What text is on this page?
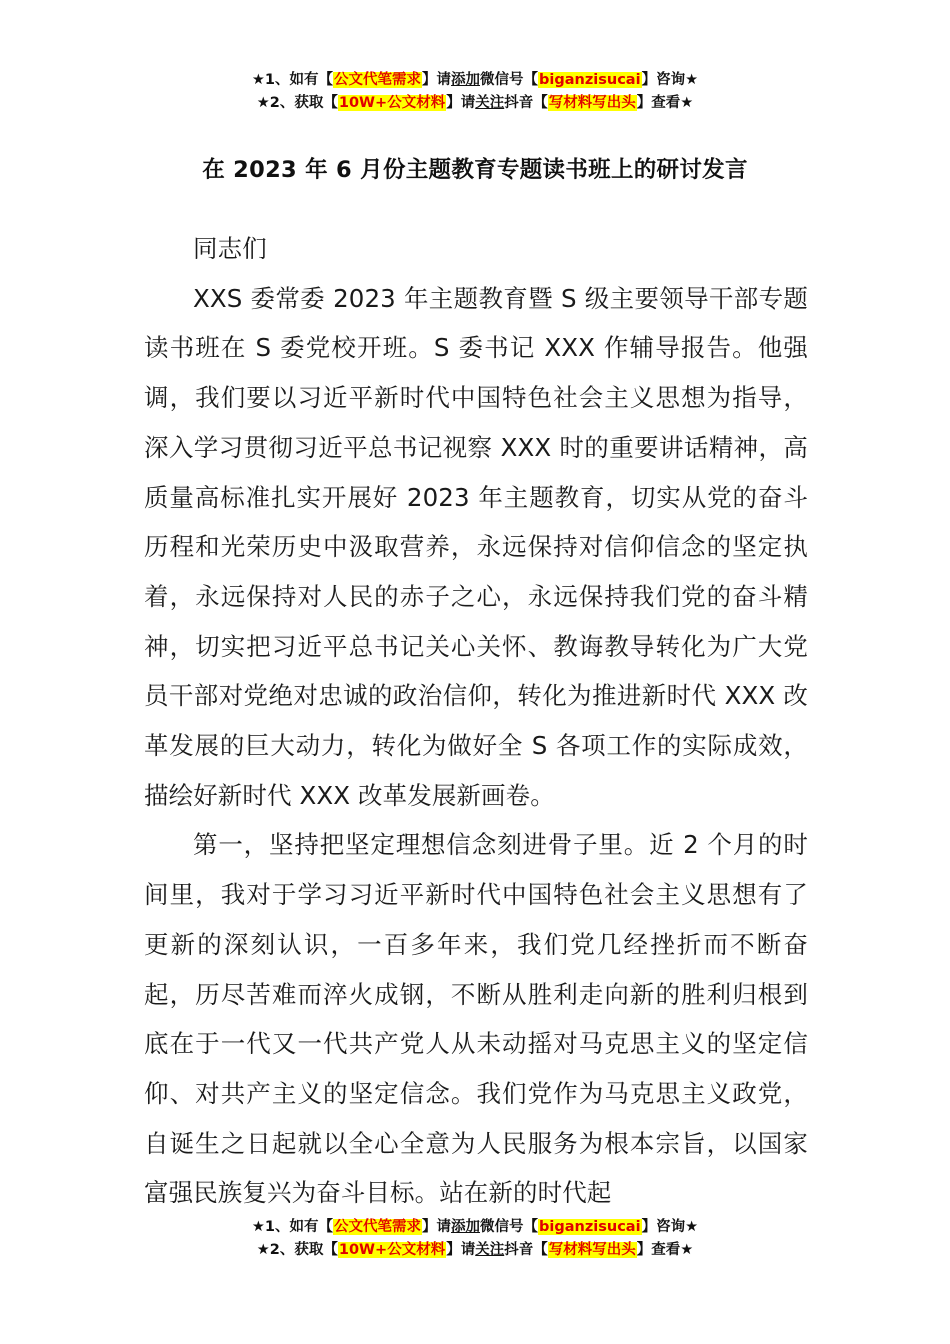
★1、如有【公文代笔需求】请添加微信号【biganzisucai】咨询★
★2、获取【10W+公文材料】请关注抖音【写材料写出头】查看★
在 2023 年 6 月份主题教育专题读书班上的研讨发言

同志们

XXS 委常委 2023 年主题教育暨 S 级主要领导干部专题读书班在 S 委党校开班。S 委书记 XXX 作辅导报告。他强调，我们要以习近平新时代中国特色社会主义思想为指导，深入学习贯彻习近平总书记视察 XXX 时的重要讲话精神，高质量高标准扎实开展好 2023 年主题教育，切实从党的奋斗历程和光荣历史中汲取营养，永远保持对信仰信念的坚定执着，永远保持对人民的赤子之心，永远保持我们党的奋斗精神，切实把习近平总书记关心关怀、教诲教导转化为广大党员干部对党绝对忠诚的政治信仰，转化为推进新时代 XXX 改革发展的巨大动力，转化为做好全 S 各项工作的实际成效，描绘好新时代 XXX 改革发展新画卷。

第一，坚持把坚定理想信念刻进骨子里。近 2 个月的时间里，我对于学习习近平新时代中国特色社会主义思想有了更新的深刻认识，一百多年来，我们党几经挫折而不断奋起，历尽苦难而淬火成钢，不断从胜利走向新的胜利归根到底在于一代又一代共产党人从未动摇对马克思主义的坚定信仰、对共产主义的坚定信念。我们党作为马克思主义政党，自诞生之日起就以全心全意为人民服务为根本宗旨，以国家富强民族复兴为奋斗目标。站在新的时代起

★1、如有【公文代笔需求】请添加微信号【biganzisucai】咨询★
★2、获取【10W+公文材料】请关注抖音【写材料写出头】查看★
